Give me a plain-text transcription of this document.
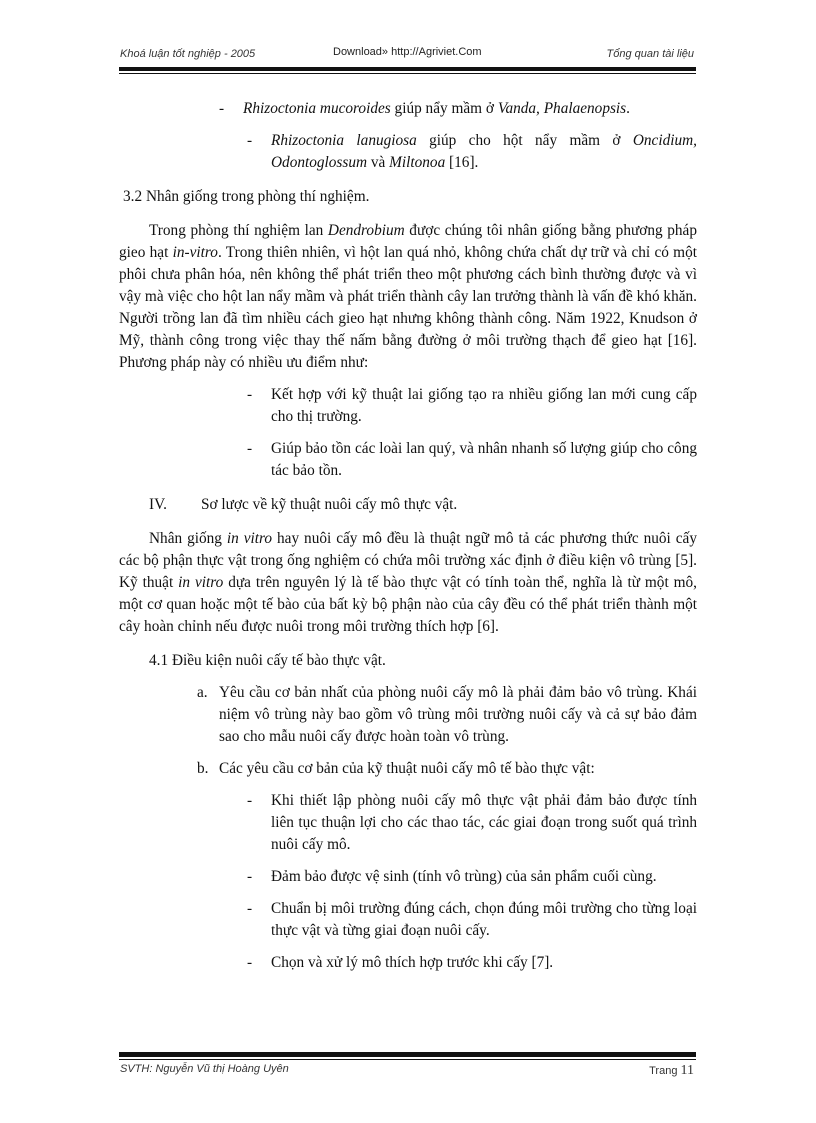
Khoá luận tốt nghiệp - 2005	Download» http://Agriviet.Com	Tổng quan tài liệu
- Rhizoctonia mucoroides giúp nẩy mầm ở Vanda, Phalaenopsis.

- Rhizoctonia lanugiosa giúp cho hột nẩy mầm ở Oncidium,

Odontoglossum và Miltonoa [16].

3.2 Nhân giống trong phòng thí nghiệm.

Trong phòng thí nghiệm lan Dendrobium được chúng tôi nhân giống bằng phương pháp gieo hạt in-vitro. Trong thiên nhiên, vì hột lan quá nhỏ, không chứa chất dự trữ và chỉ có một phôi chưa phân hóa, nên không thể phát triển theo một phương cách bình thường được và vì vậy mà việc cho hột lan nẩy mầm và phát triển thành cây lan trưởng thành là vấn đề khó khăn. Người trồng lan đã tìm nhiều cách gieo hạt nhưng không thành công. Năm 1922, Knudson ở Mỹ, thành công trong việc thay thế nấm bằng đường ở môi trường thạch để gieo hạt [16]. Phương pháp này có nhiều ưu điểm như:

- Kết hợp với kỹ thuật lai giống tạo ra nhiều giống lan mới cung cấp cho thị trường.

- Giúp bảo tồn các loài lan quý, và nhân nhanh số lượng giúp cho công tác bảo tồn.

IV. Sơ lược về kỹ thuật nuôi cấy mô thực vật.

Nhân giống in vitro hay nuôi cấy mô đều là thuật ngữ mô tả các phương thức nuôi cấy các bộ phận thực vật trong ống nghiệm có chứa môi trường xác định ở điều kiện vô trùng [5]. Kỹ thuật in vitro dựa trên nguyên lý là tế bào thực vật có tính toàn thể, nghĩa là từ một mô, một cơ quan hoặc một tế bào của bất kỳ bộ phận nào của cây đều có thể phát triển thành một cây hoàn chỉnh nếu được nuôi trong môi trường thích hợp [6].

4.1 Điều kiện nuôi cấy tế bào thực vật.

a. Yêu cầu cơ bản nhất của phòng nuôi cấy mô là phải đảm bảo vô trùng. Khái niệm vô trùng này bao gồm vô trùng môi trường nuôi cấy và cả sự bảo đảm sao cho mẫu nuôi cấy được hoàn toàn vô trùng.

b. Các yêu cầu cơ bản của kỹ thuật nuôi cấy mô tế bào thực vật:

- Khi thiết lập phòng nuôi cấy mô thực vật phải đảm bảo được tính liên tục thuận lợi cho các thao tác, các giai đoạn trong suốt quá trình nuôi cấy mô.

- Đảm bảo được vệ sinh (tính vô trùng) của sản phẩm cuối cùng.

- Chuẩn bị môi trường đúng cách, chọn đúng môi trường cho từng loại thực vật và từng giai đoạn nuôi cấy.

- Chọn và xử lý mô thích hợp trước khi cấy [7].

SVTH: Nguyễn Vũ thị Hoàng Uyên	Trang 11
